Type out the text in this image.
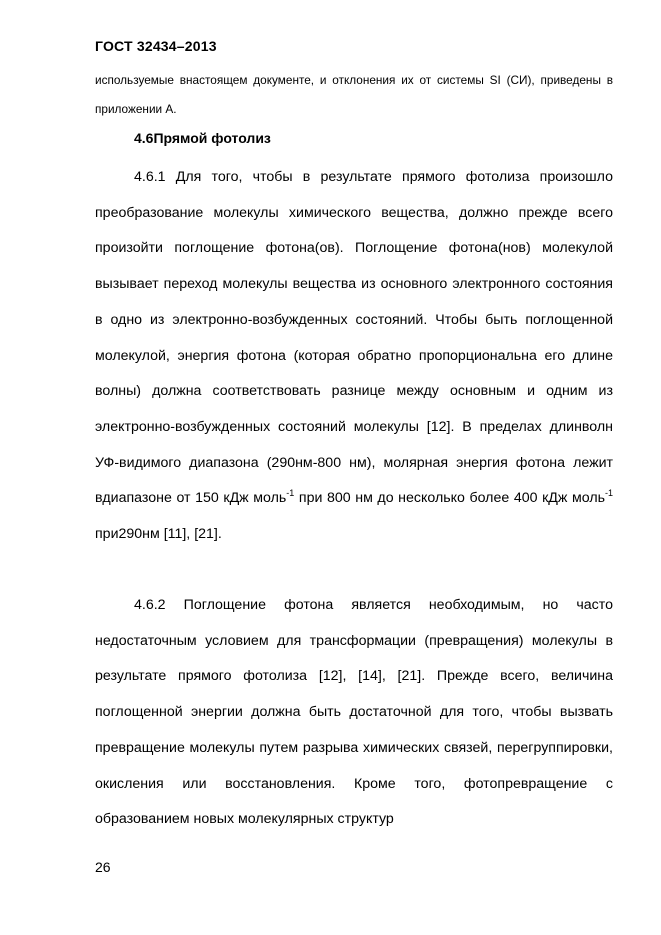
ГОСТ 32434–2013
используемые внастоящем документе, и отклонения их от системы SI (СИ), приведены в приложении А.
4.6Прямой фотолиз
4.6.1 Для того, чтобы в результате прямого фотолиза произошло преобразование молекулы химического вещества, должно прежде всего произойти поглощение фотона(ов). Поглощение фотона(нов) молекулой вызывает переход молекулы вещества из основного электронного состояния в одно из электронно-возбужденных состояний. Чтобы быть поглощенной молекулой, энергия фотона (которая обратно пропорциональна его длине волны) должна соответствовать разнице между основным и одним из электронно-возбужденных состояний молекулы [12]. В пределах длинволн УФ-видимого диапазона (290нм-800 нм), молярная энергия фотона лежит вдиапазоне от 150 кДж моль$^{-1}$ при 800 нм до несколько более 400 кДж моль$^{-1}$ при290нм [11], [21].
4.6.2 Поглощение фотона является необходимым, но часто недостаточным условием для трансформации (превращения) молекулы в результате прямого фотолиза [12], [14], [21]. Прежде всего, величина поглощенной энергии должна быть достаточной для того, чтобы вызвать превращение молекулы путем разрыва химических связей, перегруппировки, окисления или восстановления. Кроме того, фотопревращение с образованием новых молекулярных структур
26
